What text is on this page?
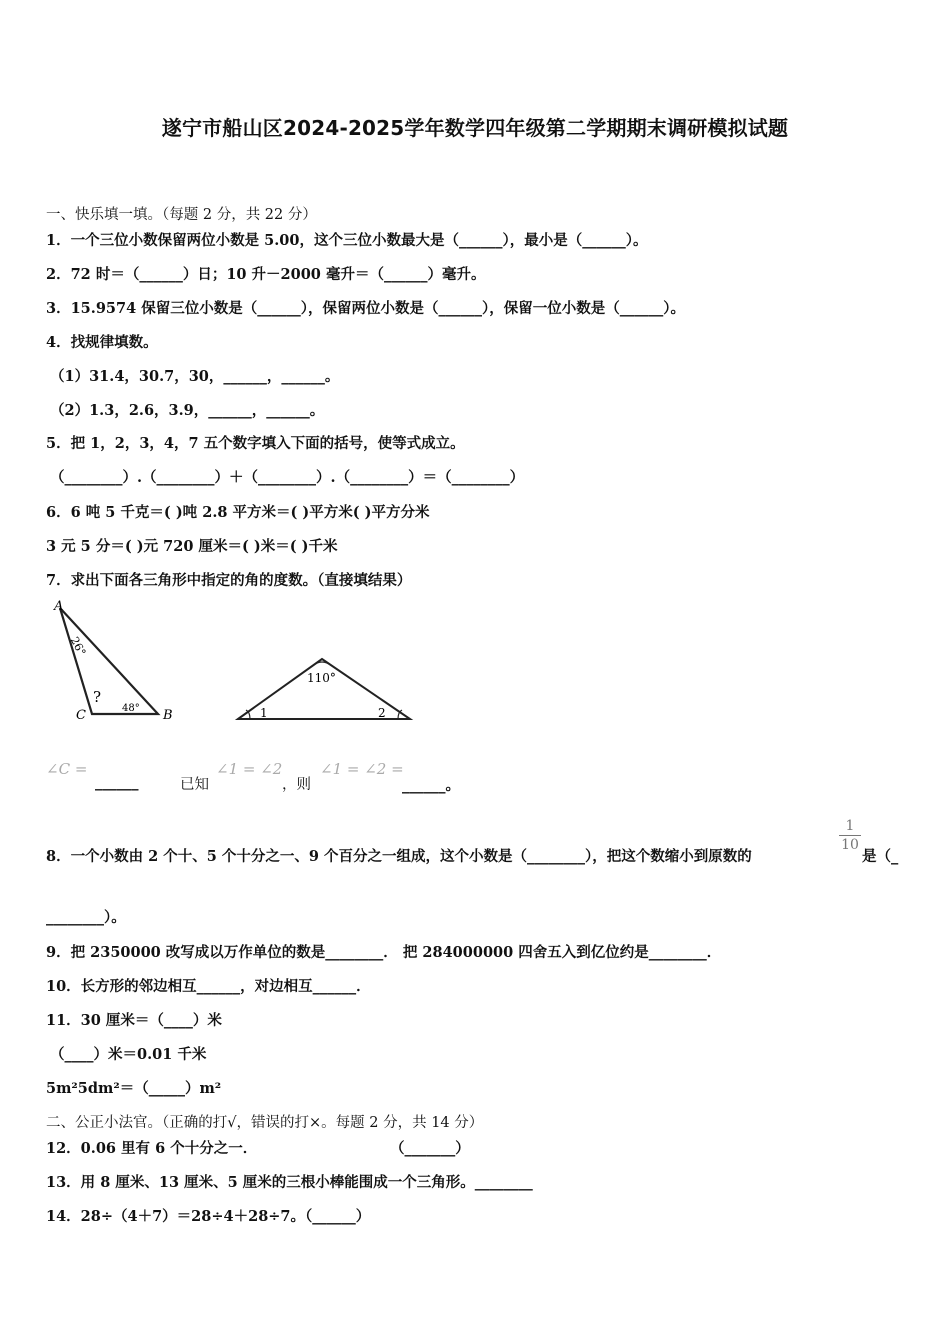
遂宁市船山区2024-2025学年数学四年级第二学期期末调研模拟试题
一、快乐填一填。（每题 2 分，共 22 分）
1．一个三位小数保留两位小数是 5.00，这个三位小数最大是（______），最小是（______）。
2．72 时＝（______）日；10 升－2000 毫升＝（______）毫升。
3．15.9574 保留三位小数是（______），保留两位小数是（______），保留一位小数是（______）。
4．找规律填数。
（1）31.4，30.7，30，______，______。
（2）1.3，2.6，3.9，______，______。
5．把 1，2，3，4，7 五个数字填入下面的括号，使等式成立。
（________）.（________）＋（________）.（________）＝（________）
6．6 吨 5 千克＝( )吨 2.8 平方米＝( )平方米( )平方分米
3 元 5 分＝( )元 720 厘米＝( )米＝( )千米
7．求出下面各三角形中指定的角的度数。（直接填结果）
A
C	B
26°
?
48°
110°
1	2
∠C =
______	已知
∠1 = ∠2
，则
∠1 = ∠2 =
______。
8．一个小数由 2 个十、5 个十分之一、9 个百分之一组成，这个小数是（________），把这个数缩小到原数的
1
10
是（_
________）。
9．把 2350000 改写成以万作单位的数是________． 把 284000000 四舍五入到亿位约是________．
10．长方形的邻边相互______，对边相互______．
11．30 厘米＝（____）米
（____）米＝0.01 千米
5m²5dm²＝（_____）m²
二、公正小法官。（正确的打√，错误的打×。每题 2 分，共 14 分）
12．0.06 里有 6 个十分之一．	（_______）
13．用 8 厘米、13 厘米、5 厘米的三根小棒能围成一个三角形。________
14．28÷（4＋7）＝28÷4＋28÷7。（______）
